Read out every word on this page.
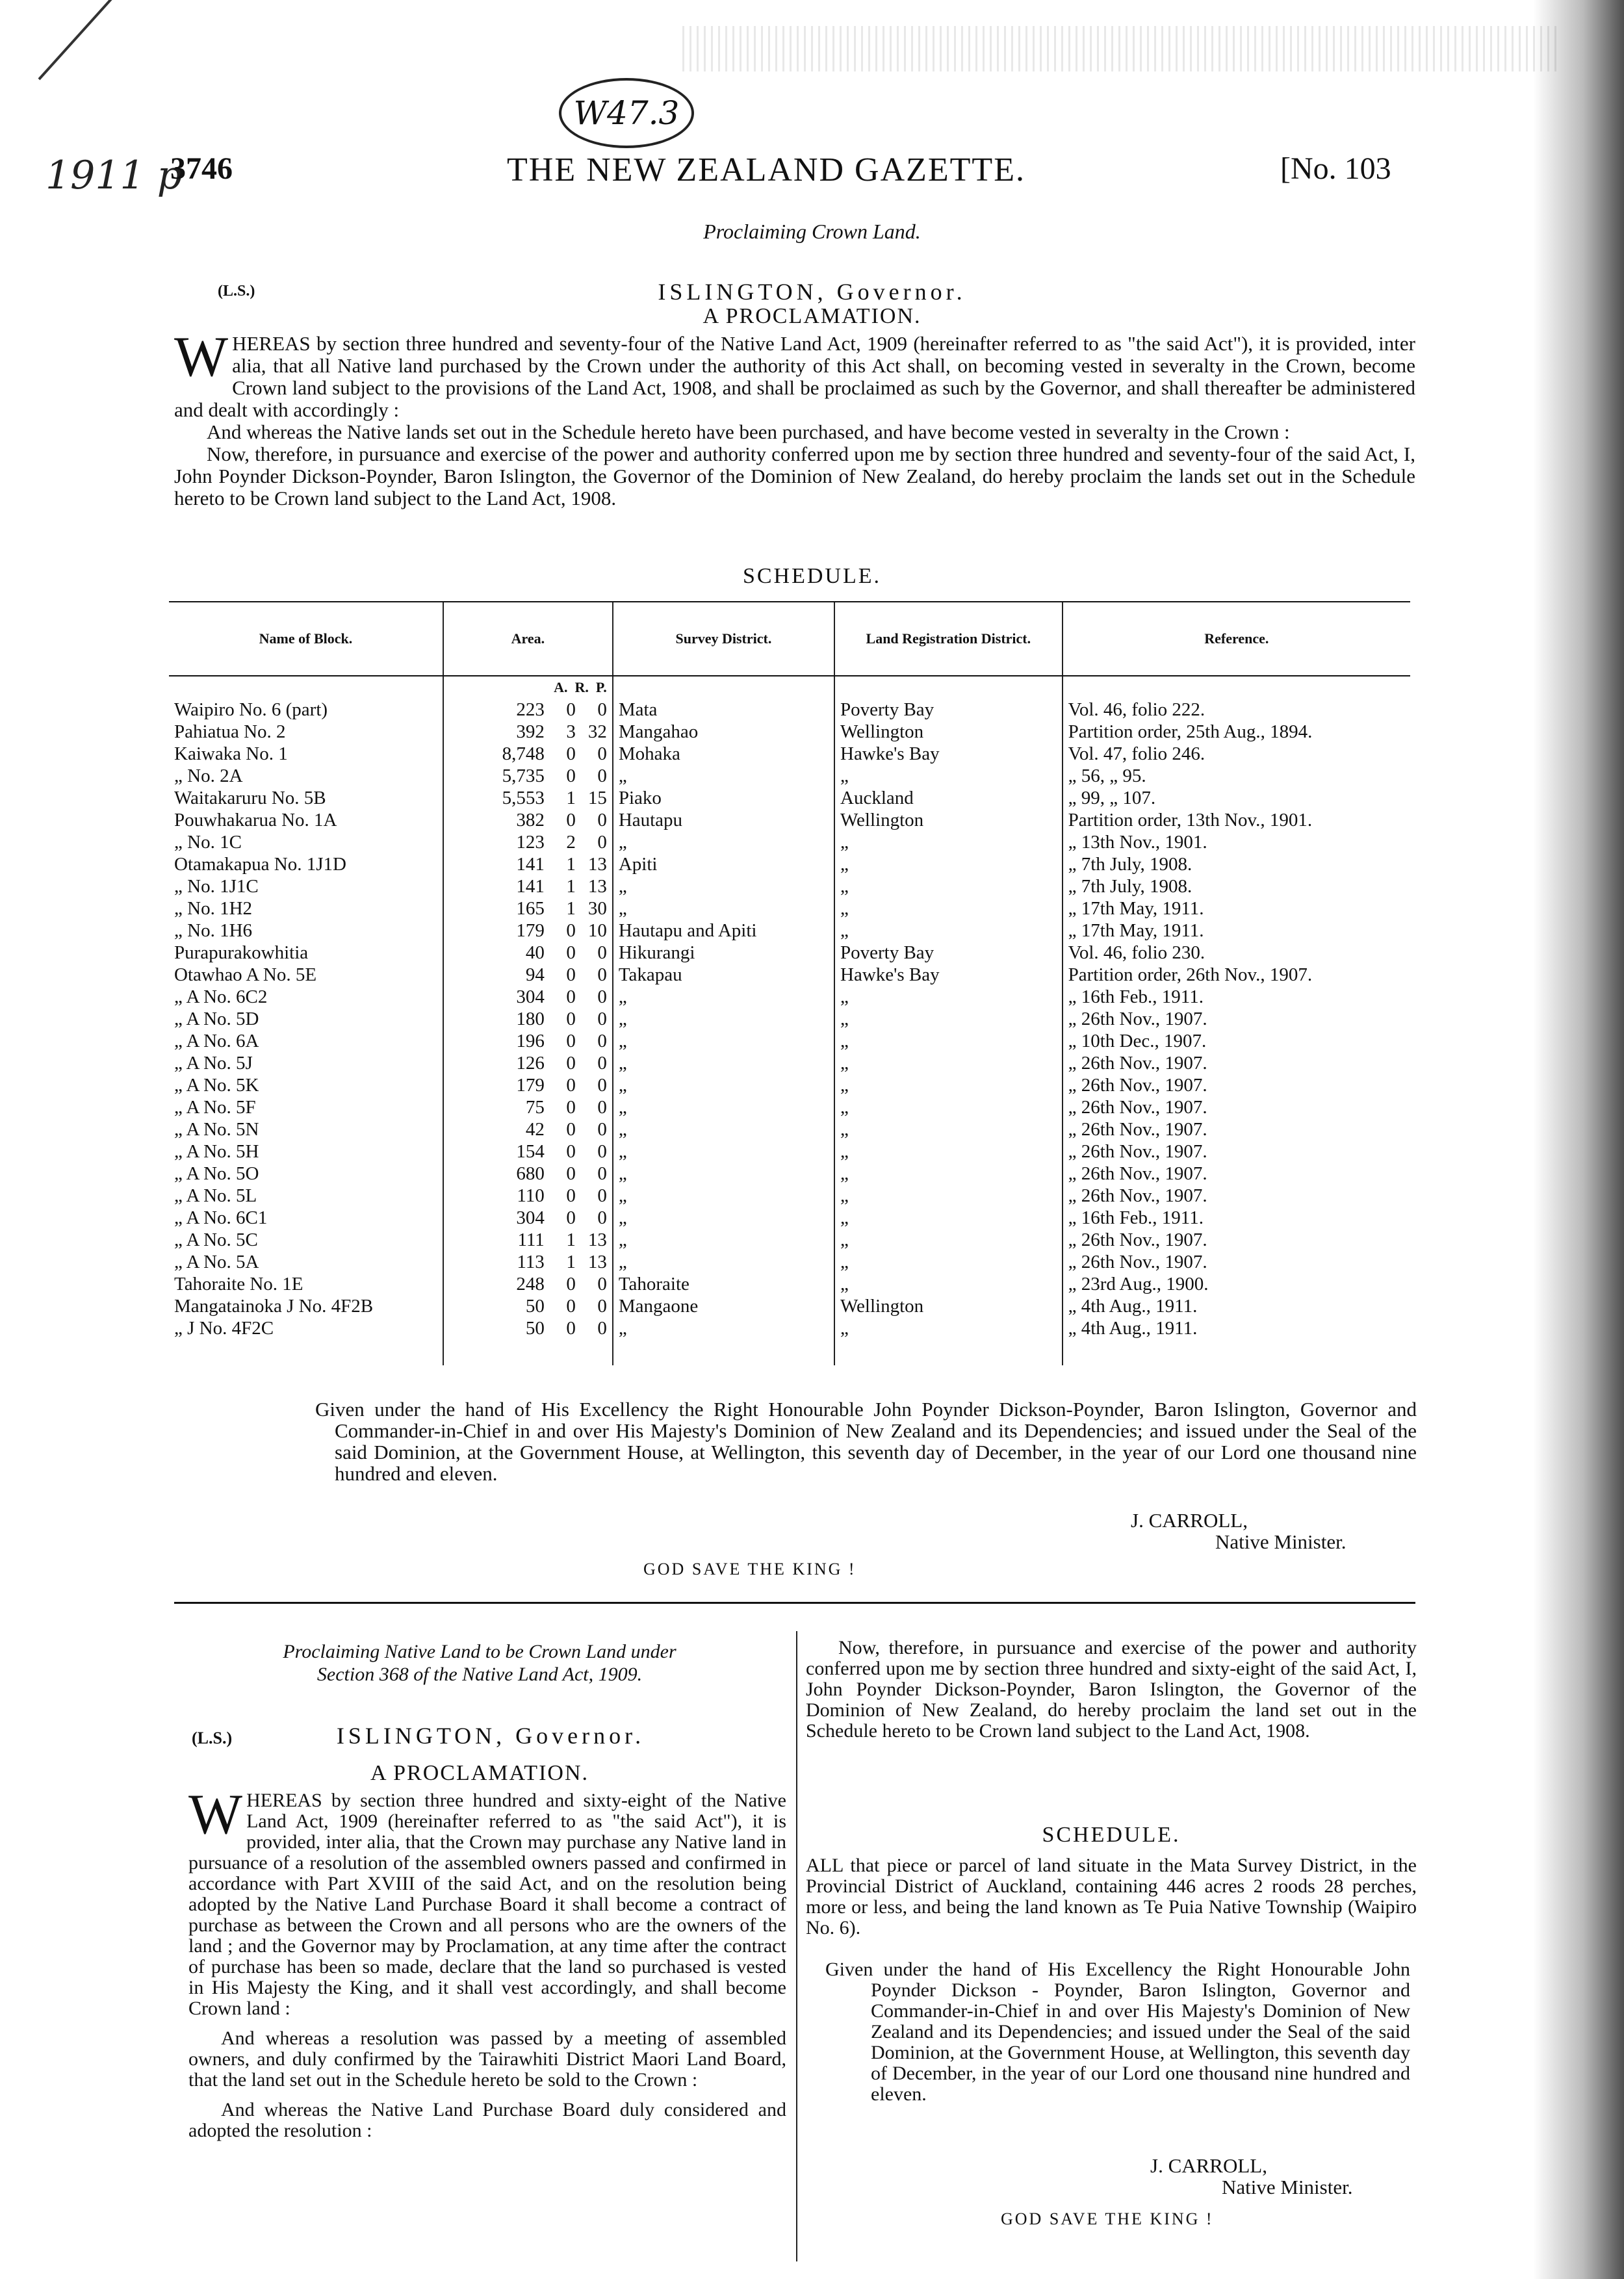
1911 p
W47.3
3746	THE NEW ZEALAND GAZETTE.	[No. 103
Proclaiming Crown Land.
(L.S.)	ISLINGTON, Governor.
A PROCLAMATION.

WHEREAS by section three hundred and seventy-four of the Native Land Act, 1909 (hereinafter referred to as "the said Act"), it is provided, inter alia, that all Native land purchased by the Crown under the authority of this Act shall, on becoming vested in severalty in the Crown, become Crown land subject to the provisions of the Land Act, 1908, and shall be proclaimed as such by the Governor, and shall thereafter be administered and dealt with accordingly :

And whereas the Native lands set out in the Schedule hereto have been purchased, and have become vested in severalty in the Crown :

Now, therefore, in pursuance and exercise of the power and authority conferred upon me by section three hundred and seventy-four of the said Act, I, John Poynder Dickson-Poynder, Baron Islington, the Governor of the Dominion of New Zealand, do hereby proclaim the lands set out in the Schedule hereto to be Crown land subject to the Land Act, 1908.

SCHEDULE.
Name of Block.	Area.	Survey District.	Land Registration District.	Reference.
	A. R. P.			
Waipiro No. 6 (part)	223 0 0	Mata	Poverty Bay	Vol. 46, folio 222.
Pahiatua No. 2	392 3 32	Mangahao	Wellington	Partition order, 25th Aug., 1894.
Kaiwaka No. 1	8,748 0 0	Mohaka	Hawke's Bay	Vol. 47, folio 246.
„ No. 2A	5,735 0 0	„	„	„ 56, „ 95.
Waitakaruru No. 5B	5,553 1 15	Piako	Auckland	„ 99, „ 107.
Pouwhakarua No. 1A	382 0 0	Hautapu	Wellington	Partition order, 13th Nov., 1901.
„ No. 1C	123 2 0	„	„	„ 13th Nov., 1901.
Otamakapua No. 1J1D	141 1 13	Apiti	„	„ 7th July, 1908.
„ No. 1J1C	141 1 13	„	„	„ 7th July, 1908.
„ No. 1H2	165 1 30	„	„	„ 17th May, 1911.
„ No. 1H6	179 0 10	Hautapu and Apiti	„	„ 17th May, 1911.
Purapurakowhitia	40 0 0	Hikurangi	Poverty Bay	Vol. 46, folio 230.
Otawhao A No. 5E	94 0 0	Takapau	Hawke's Bay	Partition order, 26th Nov., 1907.
„ A No. 6C2	304 0 0	„	„	„ 16th Feb., 1911.
„ A No. 5D	180 0 0	„	„	„ 26th Nov., 1907.
„ A No. 6A	196 0 0	„	„	„ 10th Dec., 1907.
„ A No. 5J	126 0 0	„	„	„ 26th Nov., 1907.
„ A No. 5K	179 0 0	„	„	„ 26th Nov., 1907.
„ A No. 5F	75 0 0	„	„	„ 26th Nov., 1907.
„ A No. 5N	42 0 0	„	„	„ 26th Nov., 1907.
„ A No. 5H	154 0 0	„	„	„ 26th Nov., 1907.
„ A No. 5O	680 0 0	„	„	„ 26th Nov., 1907.
„ A No. 5L	110 0 0	„	„	„ 26th Nov., 1907.
„ A No. 6C1	304 0 0	„	„	„ 16th Feb., 1911.
„ A No. 5C	111 1 13	„	„	„ 26th Nov., 1907.
„ A No. 5A	113 1 13	„	„	„ 26th Nov., 1907.
Tahoraite No. 1E	248 0 0	Tahoraite	„	„ 23rd Aug., 1900.
Mangatainoka J No. 4F2B	50 0 0	Mangaone	Wellington	„ 4th Aug., 1911.
„ J No. 4F2C	50 0 0	„	„	„ 4th Aug., 1911.

Given under the hand of His Excellency the Right Honourable John Poynder Dickson-Poynder, Baron Islington, Governor and Commander-in-Chief in and over His Majesty's Dominion of New Zealand and its Dependencies; and issued under the Seal of the said Dominion, at the Government House, at Wellington, this seventh day of December, in the year of our Lord one thousand nine hundred and eleven.
J. CARROLL,
Native Minister.
GOD SAVE THE KING !
Proclaiming Native Land to be Crown Land under
Section 368 of the Native Land Act, 1909.
(L.S.)	ISLINGTON, Governor.
A PROCLAMATION.

WHEREAS by section three hundred and sixty-eight of the Native Land Act, 1909 (hereinafter referred to as "the said Act"), it is provided, inter alia, that the Crown may purchase any Native land in pursuance of a resolution of the assembled owners passed and confirmed in accordance with Part XVIII of the said Act, and on the resolution being adopted by the Native Land Purchase Board it shall become a contract of purchase as between the Crown and all persons who are the owners of the land ; and the Governor may by Proclamation, at any time after the contract of purchase has been so made, declare that the land so purchased is vested in His Majesty the King, and it shall vest accordingly, and shall become Crown land :

And whereas a resolution was passed by a meeting of assembled owners, and duly confirmed by the Tairawhiti District Maori Land Board, that the land set out in the Schedule hereto be sold to the Crown :

And whereas the Native Land Purchase Board duly considered and adopted the resolution :

Now, therefore, in pursuance and exercise of the power and authority conferred upon me by section three hundred and sixty-eight of the said Act, I, John Poynder Dickson-Poynder, Baron Islington, the Governor of the Dominion of New Zealand, do hereby proclaim the land set out in the Schedule hereto to be Crown land subject to the Land Act, 1908.

SCHEDULE.
ALL that piece or parcel of land situate in the Mata Survey District, in the Provincial District of Auckland, containing 446 acres 2 roods 28 perches, more or less, and being the land known as Te Puia Native Township (Waipiro No. 6).
Given under the hand of His Excellency the Right Honourable John Poynder Dickson - Poynder, Baron Islington, Governor and Commander-in-Chief in and over His Majesty's Dominion of New Zealand and its Dependencies; and issued under the Seal of the said Dominion, at the Government House, at Wellington, this seventh day of December, in the year of our Lord one thousand nine hundred and eleven.
J. CARROLL,
Native Minister.
GOD SAVE THE KING !
